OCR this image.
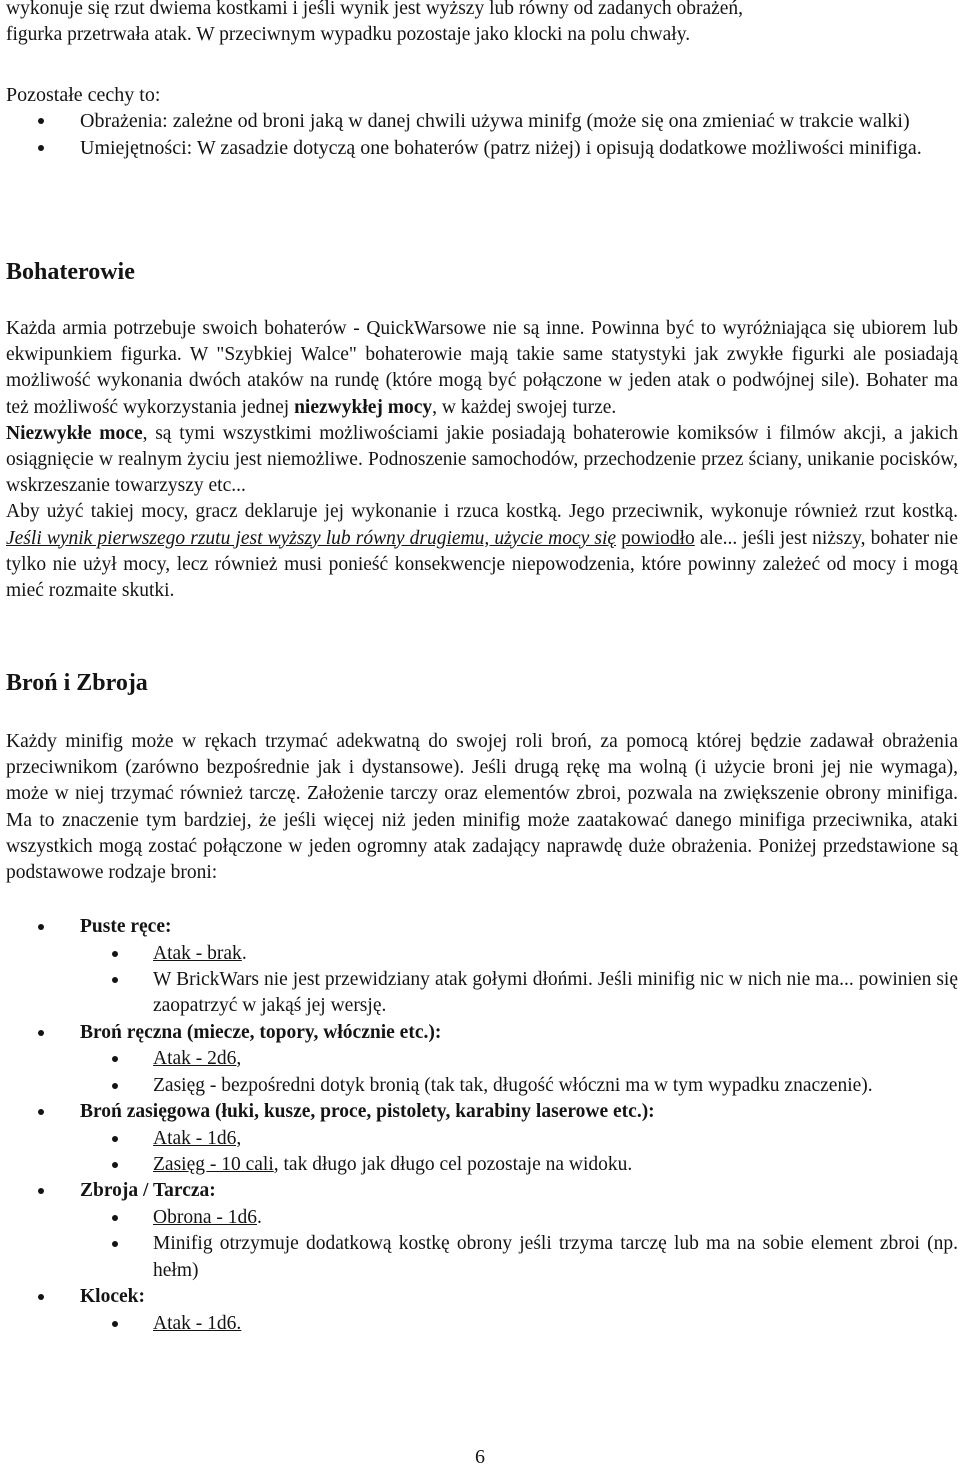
wykonuje się rzut dwiema kostkami i jeśli wynik jest wyższy lub równy od zadanych obrażeń,

figurka przetrwała atak. W przeciwnym wypadku pozostaje jako klocki na polu chwały.

Pozostałe cechy to:

Obrażenia: zależne od broni jaką w danej chwili używa minifg (może się ona zmieniać w trakcie walki)
Umiejętności: W zasadzie dotyczą one bohaterów (patrz niżej) i opisują dodatkowe możliwości minifiga.
Bohaterowie

Każda armia potrzebuje swoich bohaterów - QuickWarsowe nie są inne. Powinna być to wyróżniająca się ubiorem lub ekwipunkiem figurka. W "Szybkiej Walce" bohaterowie mają takie same statystyki jak zwykłe figurki ale posiadają możliwość wykonania dwóch ataków na rundę (które mogą być połączone w jeden atak o podwójnej sile). Bohater ma też możliwość wykorzystania jednej niezwykłej mocy, w każdej swojej turze.

Niezwykłe moce, są tymi wszystkimi możliwościami jakie posiadają bohaterowie komiksów i filmów akcji, a jakich osiągnięcie w realnym życiu jest niemożliwe. Podnoszenie samochodów, przechodzenie przez ściany, unikanie pocisków, wskrzeszanie towarzyszy etc...

Aby użyć takiej mocy, gracz deklaruje jej wykonanie i rzuca kostką. Jego przeciwnik, wykonuje również rzut kostką. Jeśli wynik pierwszego rzutu jest wyższy lub równy drugiemu, użycie mocy się powiodło ale... jeśli jest niższy, bohater nie tylko nie użył mocy, lecz również musi ponieść konsekwencje niepowodzenia, które powinny zależeć od mocy i mogą mieć rozmaite skutki.

Broń i Zbroja

Każdy minifig może w rękach trzymać adekwatną do swojej roli broń, za pomocą której będzie zadawał obrażenia przeciwnikom (zarówno bezpośrednie jak i dystansowe). Jeśli drugą rękę ma wolną (i użycie broni jej nie wymaga), może w niej trzymać również tarczę. Założenie tarczy oraz elementów zbroi, pozwala na zwiększenie obrony minifiga. Ma to znaczenie tym bardziej, że jeśli więcej niż jeden minifig może zaatakować danego minifiga przeciwnika, ataki wszystkich mogą zostać połączone w jeden ogromny atak zadający naprawdę duże obrażenia. Poniżej przedstawione są podstawowe rodzaje broni:

Puste ręce:
Atak - brak.
W BrickWars nie jest przewidziany atak gołymi dłońmi. Jeśli minifig nic w nich nie ma... powinien się zaopatrzyć w jakąś jej wersję.
Broń ręczna (miecze, topory, włócznie etc.):
Atak - 2d6,
Zasięg - bezpośredni dotyk bronią (tak tak, długość włóczni ma w tym wypadku znaczenie).
Broń zasięgowa (łuki, kusze, proce, pistolety, karabiny laserowe etc.):
Atak - 1d6,
Zasięg - 10 cali, tak długo jak długo cel pozostaje na widoku.
Zbroja / Tarcza:
Obrona - 1d6.
Minifig otrzymuje dodatkową kostkę obrony jeśli trzyma tarczę lub ma na sobie element zbroi (np. hełm)
Klocek:
Atak - 1d6.
6
